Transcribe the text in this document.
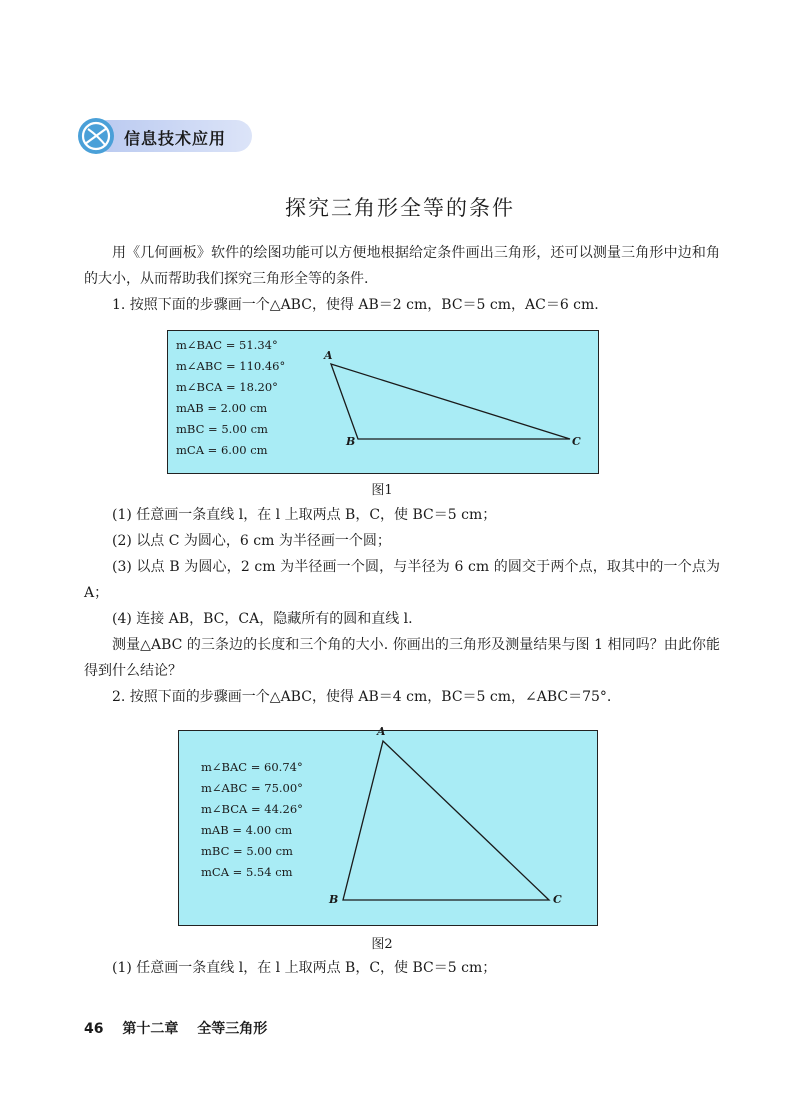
信息技术应用
探究三角形全等的条件
用《几何画板》软件的绘图功能可以方便地根据给定条件画出三角形，还可以测量三角形中边和角的大小，从而帮助我们探究三角形全等的条件.
1. 按照下面的步骤画一个△ABC，使得 AB＝2 cm，BC＝5 cm，AC＝6 cm.
m∠BAC = 51.34°
m∠ABC = 110.46°
m∠BCA = 18.20°
mAB = 2.00 cm
mBC = 5.00 cm
mCA = 6.00 cm
A
B	C
图1
(1) 任意画一条直线 l，在 l 上取两点 B，C，使 BC＝5 cm；
(2) 以点 C 为圆心，6 cm 为半径画一个圆；
(3) 以点 B 为圆心，2 cm 为半径画一个圆，与半径为 6 cm 的圆交于两个点，取其中的一个点为 A；
(4) 连接 AB，BC，CA，隐藏所有的圆和直线 l.
测量△ABC 的三条边的长度和三个角的大小. 你画出的三角形及测量结果与图 1 相同吗？由此你能得到什么结论？
2. 按照下面的步骤画一个△ABC，使得 AB＝4 cm，BC＝5 cm，∠ABC＝75°.
m∠BAC = 60.74°
m∠ABC = 75.00°
m∠BCA = 44.26°
mAB = 4.00 cm
mBC = 5.00 cm
mCA = 5.54 cm
A
B	C
图2
(1) 任意画一条直线 l，在 l 上取两点 B，C，使 BC＝5 cm；
46 第十二章 全等三角形
